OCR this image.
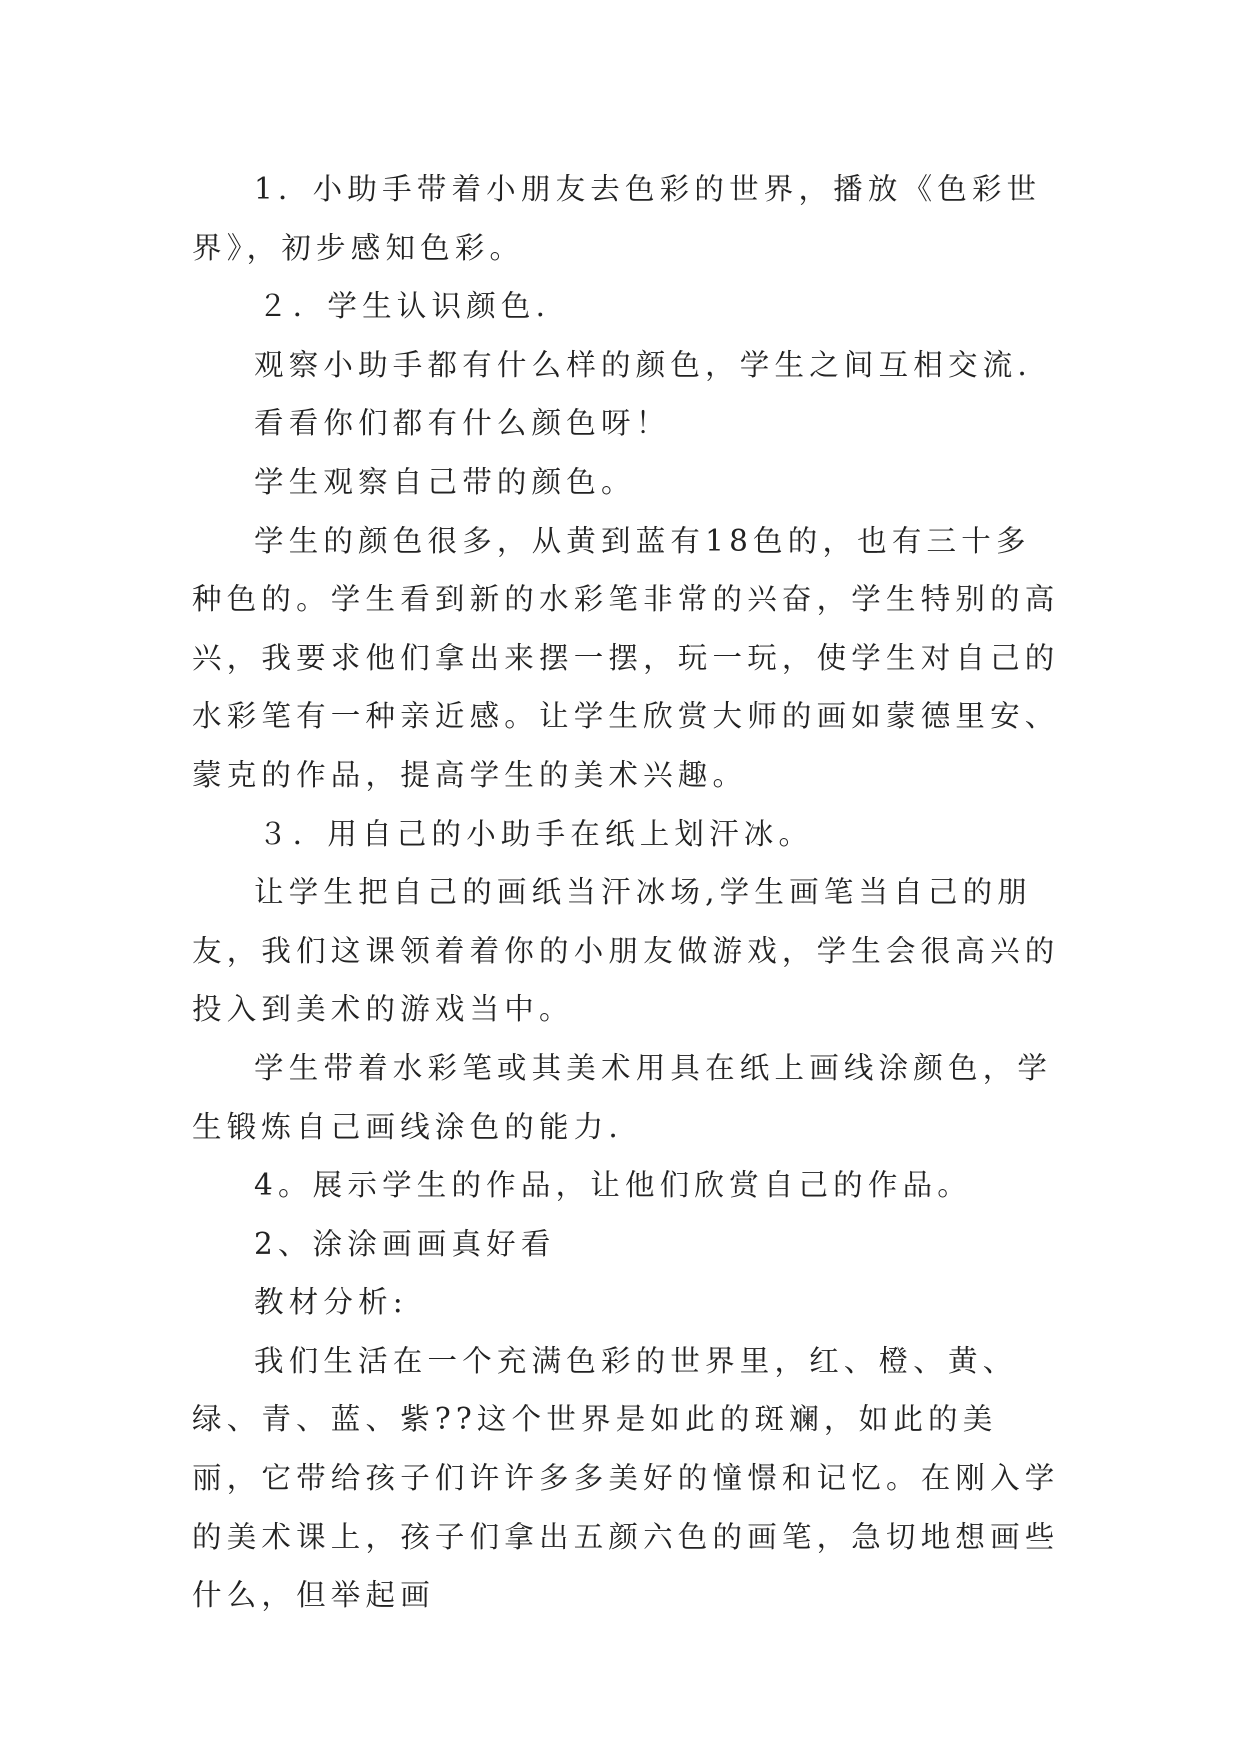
1．小助手带着小朋友去色彩的世界，播放《色彩世界》，初步感知色彩。

２．学生认识颜色.

观察小助手都有什么样的颜色，学生之间互相交流.

看看你们都有什么颜色呀！

学生观察自己带的颜色。

学生的颜色很多，从黄到蓝有18色的，也有三十多种色的。学生看到新的水彩笔非常的兴奋，学生特别的高兴，我要求他们拿出来摆一摆，玩一玩，使学生对自己的水彩笔有一种亲近感。让学生欣赏大师的画如蒙德里安、蒙克的作品，提高学生的美术兴趣。

３．用自己的小助手在纸上划汗冰。

让学生把自己的画纸当汗冰场,学生画笔当自己的朋友，我们这课领着着你的小朋友做游戏，学生会很高兴的投入到美术的游戏当中。

学生带着水彩笔或其美术用具在纸上画线涂颜色，学生锻炼自己画线涂色的能力.

4。展示学生的作品，让他们欣赏自己的作品。

2、涂涂画画真好看

教材分析:

我们生活在一个充满色彩的世界里，红、橙、黄、绿、青、蓝、紫??这个世界是如此的斑斓，如此的美丽，它带给孩子们许许多多美好的憧憬和记忆。在刚入学的美术课上，孩子们拿出五颜六色的画笔，急切地想画些什么，但举起画
